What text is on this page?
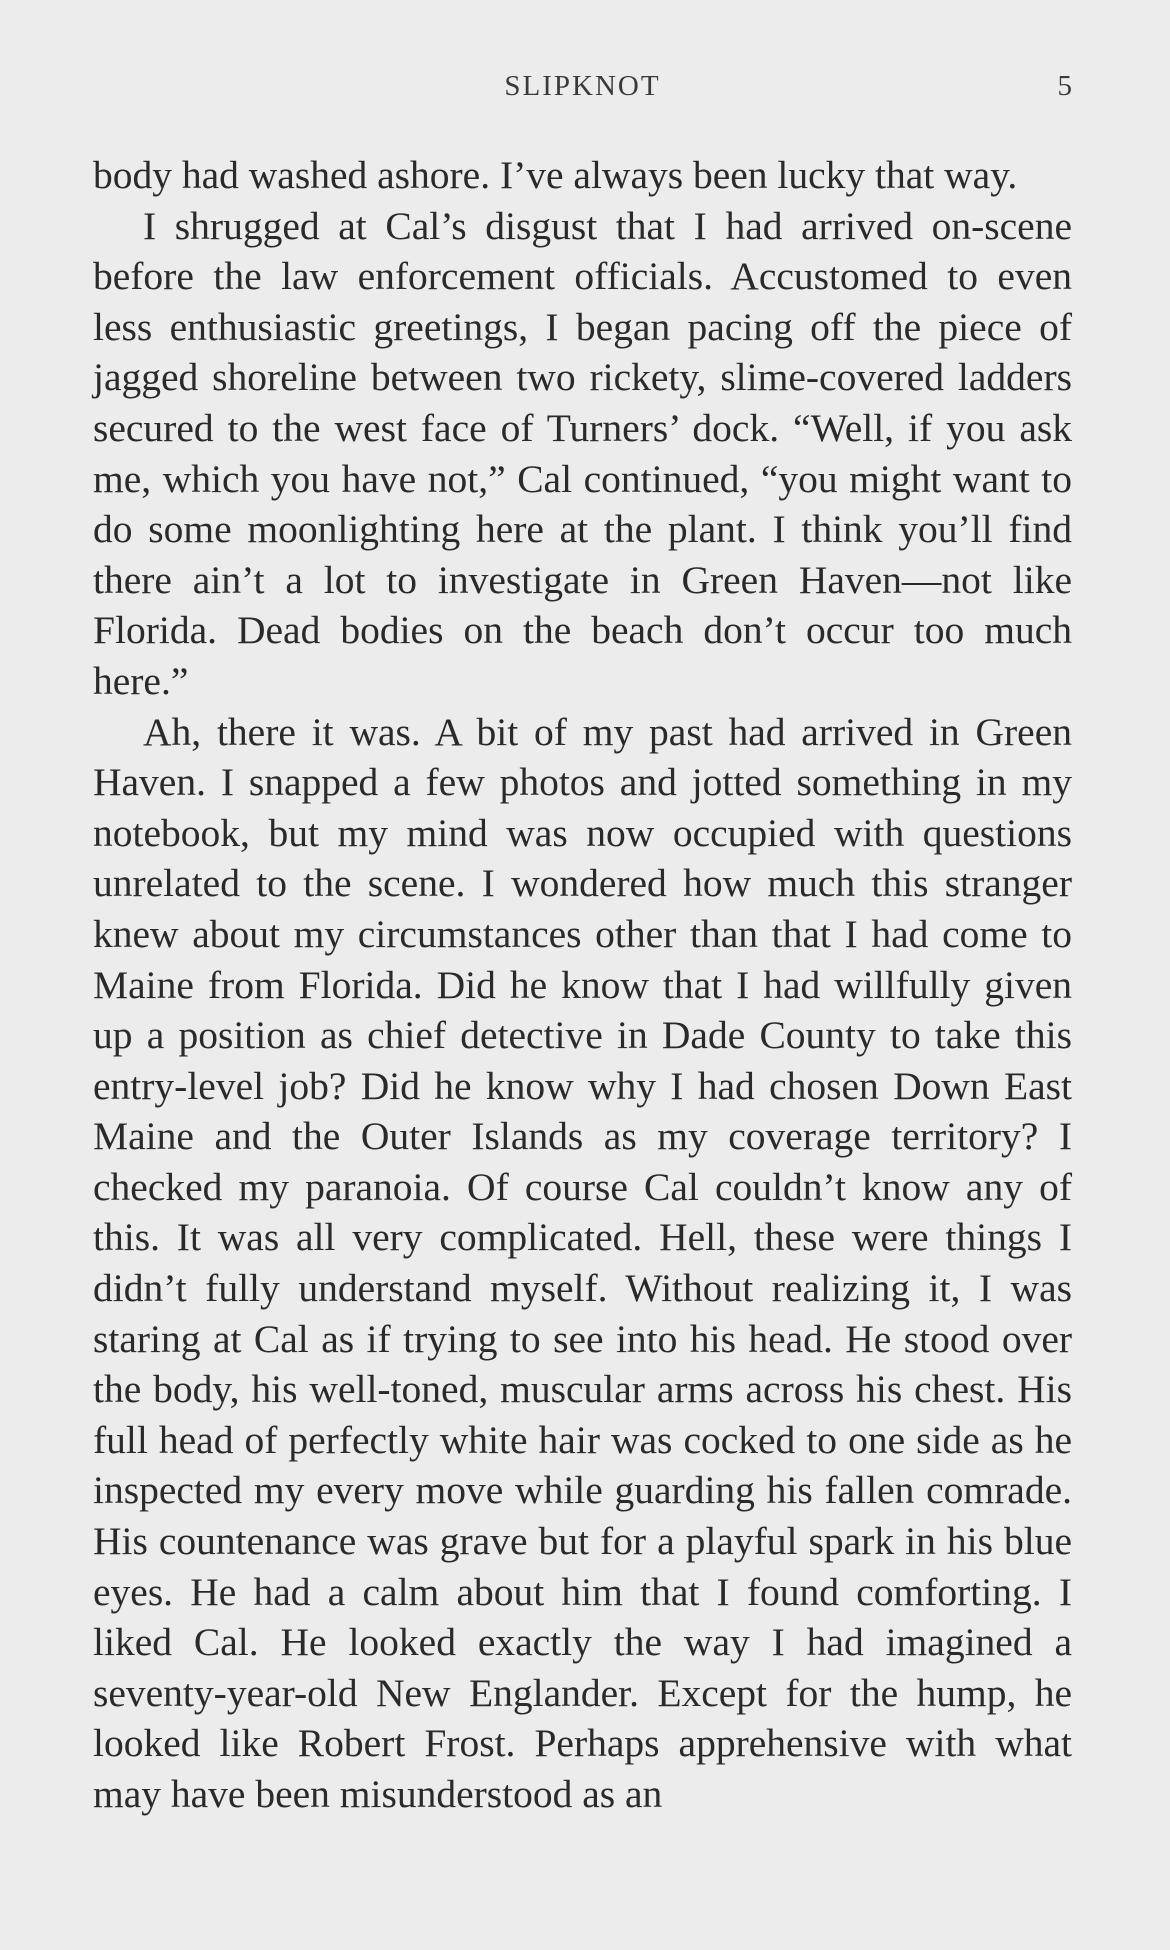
SLIPKNOT	5

body had washed ashore. I’ve always been lucky that way.

I shrugged at Cal’s disgust that I had arrived on-scene before the law enforcement officials. Accustomed to even less enthusiastic greetings, I began pacing off the piece of jagged shoreline between two rickety, slime-covered ladders secured to the west face of Turners’ dock. “Well, if you ask me, which you have not,” Cal continued, “you might want to do some moonlighting here at the plant. I think you’ll find there ain’t a lot to investigate in Green Haven—not like Florida. Dead bodies on the beach don’t occur too much here.”

Ah, there it was. A bit of my past had arrived in Green Haven. I snapped a few photos and jotted something in my notebook, but my mind was now occupied with questions unrelated to the scene. I wondered how much this stranger knew about my circumstances other than that I had come to Maine from Florida. Did he know that I had willfully given up a position as chief detective in Dade County to take this entry-level job? Did he know why I had chosen Down East Maine and the Outer Islands as my coverage territory? I checked my paranoia. Of course Cal couldn’t know any of this. It was all very complicated. Hell, these were things I didn’t fully understand myself. Without realizing it, I was staring at Cal as if trying to see into his head. He stood over the body, his well-toned, muscular arms across his chest. His full head of perfectly white hair was cocked to one side as he inspected my every move while guarding his fallen comrade. His countenance was grave but for a playful spark in his blue eyes. He had a calm about him that I found comforting. I liked Cal. He looked exactly the way I had imagined a seventy-year-old New Englander. Except for the hump, he looked like Robert Frost. Perhaps apprehensive with what may have been misunderstood as an
